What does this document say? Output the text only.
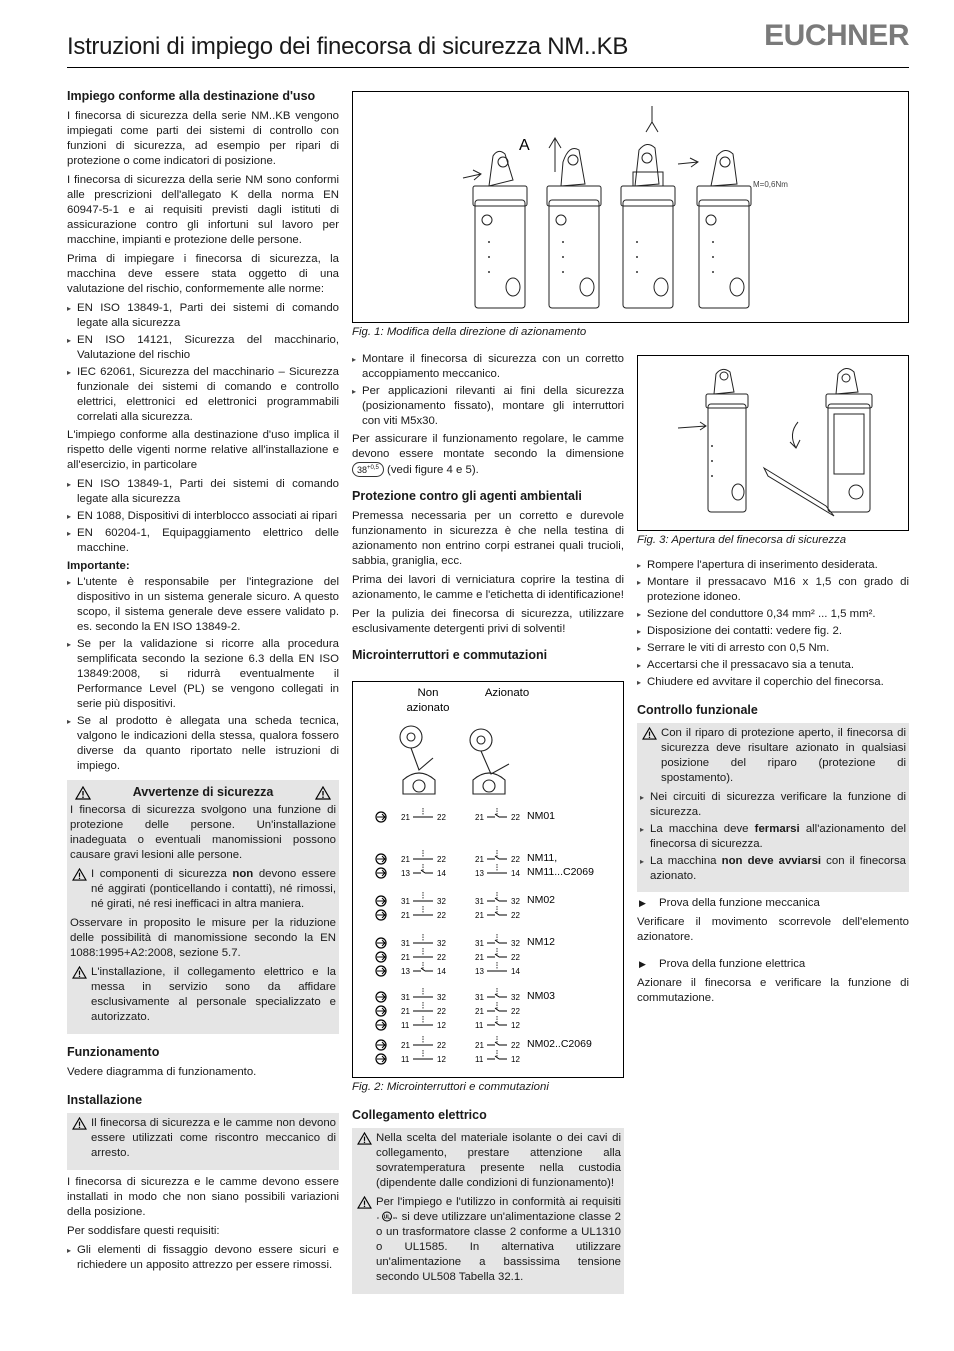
Istruzioni di impiego dei finecorsa di sicurezza NM..KB	EUCHNER
Impiego conforme alla destinazione d'uso

I finecorsa di sicurezza della serie NM..KB vengono impiegati come parti dei sistemi di controllo con funzioni di sicurezza, ad esempio per ripari di protezione o come indicatori di posizione.

I finecorsa di sicurezza della serie NM sono conformi alle prescrizioni dell'allegato K della norma EN 60947-5-1 e ai requisiti previsti dagli istituti di assicurazione contro gli infortuni sul lavoro per macchine, impianti e protezione delle persone.

Prima di impiegare i finecorsa di sicurezza, la macchina deve essere stata oggetto di una valutazione del rischio, conformemente alle norme:

▸ EN ISO 13849-1, Parti dei sistemi di comando legate alla sicurezza
▸ EN ISO 14121, Sicurezza del macchinario, Valutazione del rischio
▸ IEC 62061, Sicurezza del macchinario – Sicurezza funzionale dei sistemi di comando e controllo elettrici, elettronici ed elettronici programmabili correlati alla sicurezza.

L'impiego conforme alla destinazione d'uso implica il rispetto delle vigenti norme relative all'installazione e all'esercizio, in particolare

▸ EN ISO 13849-1, Parti dei sistemi di comando legate alla sicurezza
▸ EN 1088, Dispositivi di interblocco associati ai ripari
▸ EN 60204-1, Equipaggiamento elettrico delle macchine.
Importante:
▸ L'utente è responsabile per l'integrazione del dispositivo in un sistema generale sicuro. A questo scopo, il sistema generale deve essere validato p. es. secondo la EN ISO 13849-2.
▸ Se per la validazione si ricorre alla procedura semplificata secondo la sezione 6.3 della EN ISO 13849:2008, si ridurrà eventualmente il Performance Level (PL) se vengono collegati in serie più dispositivi.
▸ Se al prodotto è allegata una scheda tecnica, valgono le indicazioni della stessa, qualora fossero diverse da quanto riportato nelle istruzioni di impiego.
Avvertenze di sicurezza

I finecorsa di sicurezza svolgono una funzione di protezione delle persone. Un'installazione inadeguata o eventuali manomissioni possono causare gravi lesioni alle persone.

I componenti di sicurezza non devono essere né aggirati (ponticellando i contatti), né rimossi, né girati, né resi inefficaci in altra maniera.

Osservare in proposito le misure per la riduzione delle possibilità di manomissione secondo la EN 1088:1995+A2:2008, sezione 5.7.

L'installazione, il collegamento elettrico e la messa in servizio sono da affidare esclusivamente al personale specializzato e autorizzato.
Funzionamento

Vedere diagramma di funzionamento.

Installazione
Il finecorsa di sicurezza e le camme non devono essere utilizzati come riscontro meccanico di arresto.

I finecorsa di sicurezza e le camme devono essere installati in modo che non siano possibili variazioni della posizione.

Per soddisfare questi requisiti:

▸ Gli elementi di fissaggio devono essere sicuri e richiedere un apposito attrezzo per essere rimossi.
A
M=0,6Nm
Fig. 1: Modifica della direzione di azionamento
▸ Montare il finecorsa di sicurezza con un corretto accoppiamento meccanico.
▸ Per applicazioni rilevanti ai fini della sicurezza (posizionamento fissato), montare gli interruttori con viti M5x30.

Per assicurare il funzionamento regolare, le camme devono essere montate secondo la dimensione $38^{+0,5}$ (vedi figure 4 e 5).

Protezione contro gli agenti ambientali

Premessa necessaria per un corretto e durevole funzionamento in sicurezza è che nella testina di azionamento non entrino corpi estranei quali trucioli, sabbia, graniglia, ecc.

Prima dei lavori di verniciatura coprire la testina di azionamento, le camme e l'etichetta di identificazione!

Per la pulizia dei finecorsa di sicurezza, utilizzare esclusivamente detergenti privi di solventi!

Microinterruttori e commutazioni
Non azionato
Azionato
21	22	21	22 NM01
21	22	21	22
13	14	13	14
NM11,
NM11...C2069
31	32	31	32
21	22	21	22
NM02
31	32	31	32
21	22	21	22
13	14	13	14
NM12
31	32	31	32
21	22	21	22
11	12	11	12
NM03
21	22	21	22
11	12	11	12
NM02..C2069
Fig. 2: Microinterruttori e commutazioni
Collegamento elettrico
Nella scelta del materiale isolante o dei cavi di collegamento, prestare attenzione alla sovratemperatura presente nella custodia (dipendente dalle condizioni di funzionamento)!
Per l'impiego e l'utilizzo in conformità ai requisiti
UL
c	us si deve utilizzare un'alimentazione classe 2 o un trasformatore classe 2 conforme a UL1310 o UL1585. In alternativa utilizzare un'alimentazione a bassissima tensione secondo UL508 Tabella 32.1.
Fig. 3: Apertura del finecorsa di sicurezza
▸ Rompere l'apertura di inserimento desiderata.
▸ Montare il pressacavo M16 x 1,5 con grado di protezione idoneo.
▸ Sezione del conduttore 0,34 mm² ... 1,5 mm².
▸ Disposizione dei contatti: vedere fig. 2.
▸ Serrare le viti di arresto con 0,5 Nm.
▸ Accertarsi che il pressacavo sia a tenuta.
▸ Chiudere ed avvitare il coperchio del finecorsa.
Controllo funzionale
Con il riparo di protezione aperto, il finecorsa di sicurezza deve risultare azionato in qualsiasi posizione del riparo (protezione di spostamento).
▸ Nei circuiti di sicurezza verificare la funzione di sicurezza.
▸ La macchina deve fermarsi all'azionamento del finecorsa di sicurezza.
▸ La macchina non deve avviarsi con il finecorsa azionato.
▶ Prova della funzione meccanica

Verificare il movimento scorrevole dell'elemento azionatore.

▶ Prova della funzione elettrica

Azionare il finecorsa e verificare la funzione di commutazione.
